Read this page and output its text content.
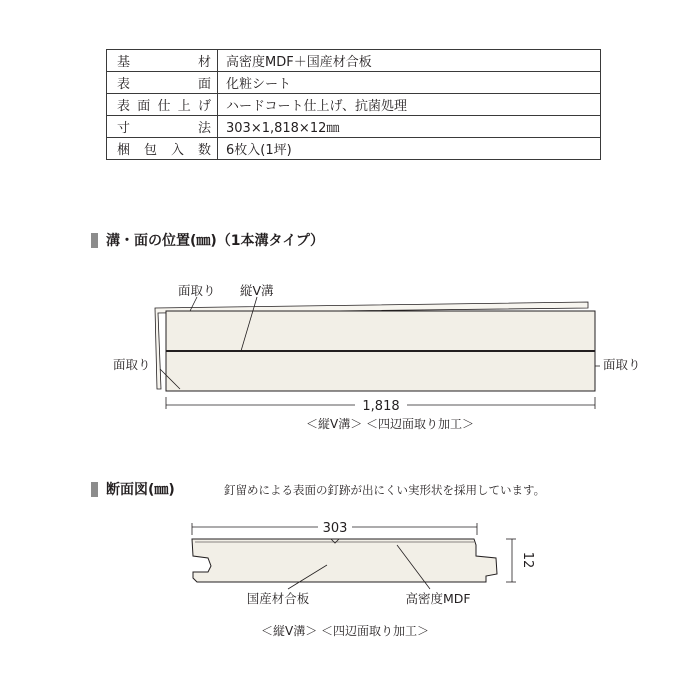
基材	高密度MDF＋国産材合板
表面	化粧シート
表面仕上げ	ハードコート仕上げ、抗菌処理
寸法	303×1,818×12㎜
梱包入数	6枚入(1坪)
溝・面の位置(㎜)（1本溝タイプ）
面取り 縦V溝
面取り	面取り
1,818
＜縦V溝＞ ＜四辺面取り加工＞
断面図(㎜)	釘留めによる表面の釘跡が出にくい実形状を採用しています。
303
12
国産材合板	高密度MDF
＜縦V溝＞ ＜四辺面取り加工＞
